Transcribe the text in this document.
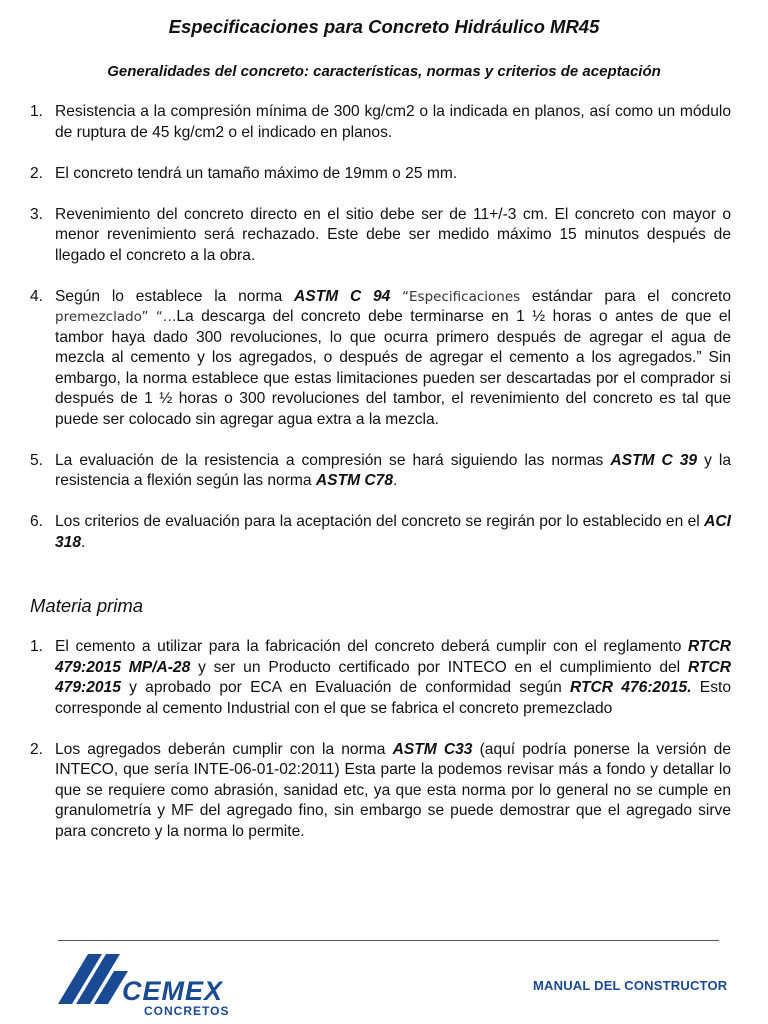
Especificaciones para Concreto Hidráulico MR45
Generalidades del concreto: características, normas y criterios de aceptación
1. Resistencia a la compresión mínima de 300 kg/cm2 o la indicada en planos, así como un módulo de ruptura de 45 kg/cm2 o el indicado en planos.
2. El concreto tendrá un tamaño máximo de 19mm o 25 mm.
3. Revenimiento del concreto directo en el sitio debe ser de 11+/-3 cm. El concreto con mayor o menor revenimiento será rechazado. Este debe ser medido máximo 15 minutos después de llegado el concreto a la obra.
4. Según lo establece la norma ASTM C 94 “Especificaciones estándar para el concreto premezclado” “…La descarga del concreto debe terminarse en 1 ½ horas o antes de que el tambor haya dado 300 revoluciones, lo que ocurra primero después de agregar el agua de mezcla al cemento y los agregados, o después de agregar el cemento a los agregados.” Sin embargo, la norma establece que estas limitaciones pueden ser descartadas por el comprador si después de 1 ½ horas o 300 revoluciones del tambor, el revenimiento del concreto es tal que puede ser colocado sin agregar agua extra a la mezcla.
5. La evaluación de la resistencia a compresión se hará siguiendo las normas ASTM C 39 y la resistencia a flexión según las norma ASTM C78.
6. Los criterios de evaluación para la aceptación del concreto se regirán por lo establecido en el ACI 318.
Materia prima
1. El cemento a utilizar para la fabricación del concreto deberá cumplir con el reglamento RTCR 479:2015 MP/A-28 y ser un Producto certificado por INTECO en el cumplimiento del RTCR 479:2015 y aprobado por ECA en Evaluación de conformidad según RTCR 476:2015. Esto corresponde al cemento Industrial con el que se fabrica el concreto premezclado
2. Los agregados deberán cumplir con la norma ASTM C33 (aquí podría ponerse la versión de INTECO, que sería INTE-06-01-02:2011) Esta parte la podemos revisar más a fondo y detallar lo que se requiere como abrasión, sanidad etc, ya que esta norma por lo general no se cumple en granulometría y MF del agregado fino, sin embargo se puede demostrar que el agregado sirve para concreto y la norma lo permite.
CEMEX
CONCRETOS
MANUAL DEL CONSTRUCTOR
